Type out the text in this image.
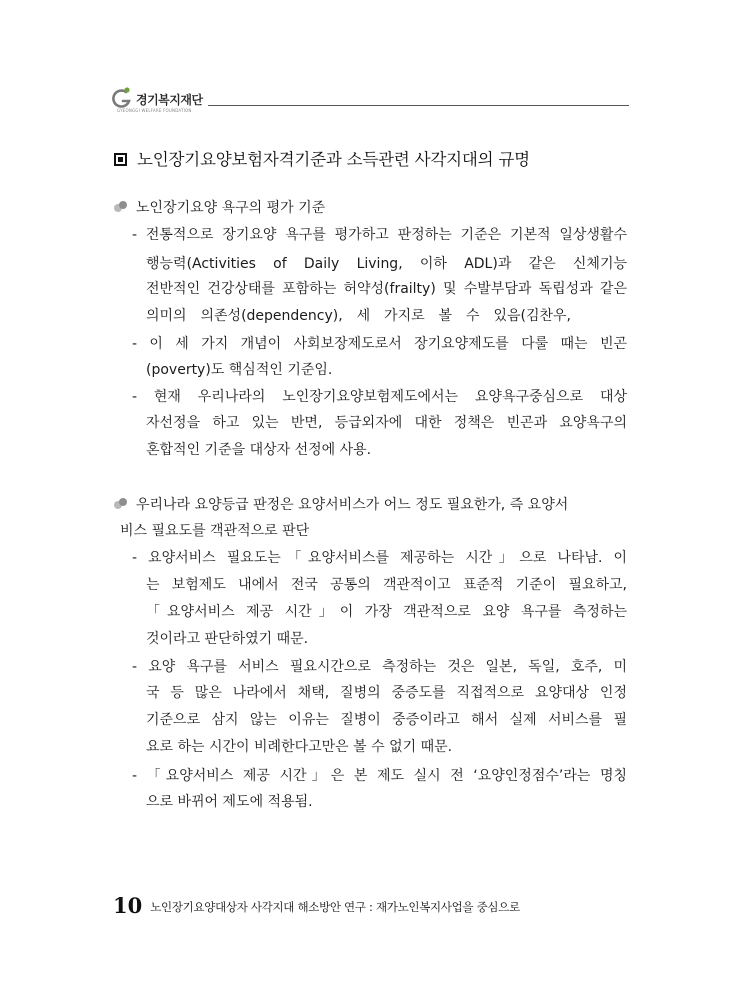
경기복지재단
GYEONGGI WELFARE FOUNDATION
노인장기요양보험자격기준과 소득관련 사각지대의 규명
노인장기요양 욕구의 평가 기준
- 전통적으로 장기요양 욕구를 평가하고 판정하는 기준은 기본적 일상생활수
행능력(Activities of Daily Living, 이하 ADL)과 같은 신체기능
전반적인 건강상태를 포함하는 허약성(frailty) 및 수발부담과 독립성과 같은
의미의 의존성(dependency), 세 가지로 볼 수 있음(김찬우,
- 이 세 가지 개념이 사회보장제도로서 장기요양제도를 다룰 때는 빈곤
(poverty)도 핵심적인 기준임.
- 현재 우리나라의 노인장기요양보험제도에서는 요양욕구중심으로 대상
자선정을 하고 있는 반면, 등급외자에 대한 정책은 빈곤과 요양욕구의
혼합적인 기준을 대상자 선정에 사용.
우리나라 요양등급 판정은 요양서비스가 어느 정도 필요한가, 즉 요양서
비스 필요도를 객관적으로 판단
- 요양서비스 필요도는「요양서비스를 제공하는 시간」으로 나타남. 이
는 보험제도 내에서 전국 공통의 객관적이고 표준적 기준이 필요하고,
「요양서비스 제공 시간」이 가장 객관적으로 요양 욕구를 측정하는
것이라고 판단하였기 때문.
- 요양 욕구를 서비스 필요시간으로 측정하는 것은 일본, 독일, 호주, 미
국 등 많은 나라에서 채택, 질병의 중증도를 직접적으로 요양대상 인정
기준으로 삼지 않는 이유는 질병이 중증이라고 해서 실제 서비스를 필
요로 하는 시간이 비례한다고만은 볼 수 없기 때문.
- 「요양서비스 제공 시간」은 본 제도 실시 전 ‘요양인정점수’라는 명칭
으로 바뀌어 제도에 적용됨.
10 노인장기요양대상자 사각지대 해소방안 연구 : 재가노인복지사업을 중심으로
